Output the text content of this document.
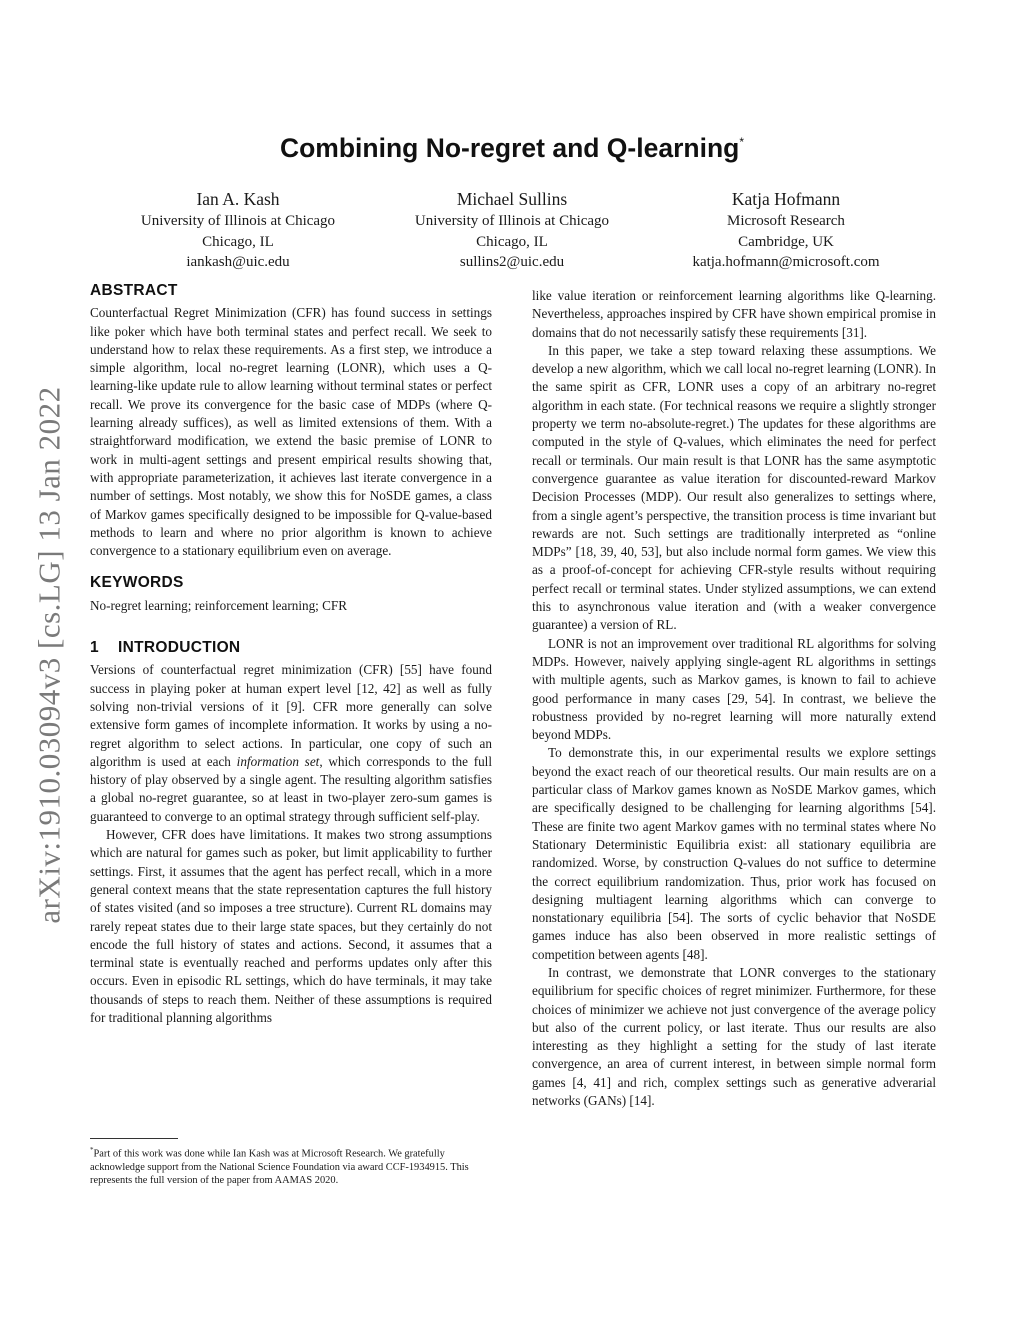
arXiv:1910.03094v3 [cs.LG] 13 Jan 2022
Combining No-regret and Q-learning*
Ian A. Kash
University of Illinois at Chicago
Chicago, IL
iankash@uic.edu
Michael Sullins
University of Illinois at Chicago
Chicago, IL
sullins2@uic.edu
Katja Hofmann
Microsoft Research
Cambridge, UK
katja.hofmann@microsoft.com
ABSTRACT

Counterfactual Regret Minimization (CFR) has found success in settings like poker which have both terminal states and perfect recall. We seek to understand how to relax these requirements. As a first step, we introduce a simple algorithm, local no-regret learning (LONR), which uses a Q-learning-like update rule to allow learning without terminal states or perfect recall. We prove its convergence for the basic case of MDPs (where Q-learning already suffices), as well as limited extensions of them. With a straightforward modification, we extend the basic premise of LONR to work in multi-agent settings and present empirical results showing that, with appropriate parameterization, it achieves last iterate convergence in a number of settings. Most notably, we show this for NoSDE games, a class of Markov games specifically designed to be impossible for Q-value-based methods to learn and where no prior algorithm is known to achieve convergence to a stationary equilibrium even on average.

KEYWORDS

No-regret learning; reinforcement learning; CFR

1 INTRODUCTION

Versions of counterfactual regret minimization (CFR) [55] have found success in playing poker at human expert level [12, 42] as well as fully solving non-trivial versions of it [9]. CFR more generally can solve extensive form games of incomplete information. It works by using a no-regret algorithm to select actions. In particular, one copy of such an algorithm is used at each information set, which corresponds to the full history of play observed by a single agent. The resulting algorithm satisfies a global no-regret guarantee, so at least in two-player zero-sum games is guaranteed to converge to an optimal strategy through sufficient self-play.

However, CFR does have limitations. It makes two strong assumptions which are natural for games such as poker, but limit applicability to further settings. First, it assumes that the agent has perfect recall, which in a more general context means that the state representation captures the full history of states visited (and so imposes a tree structure). Current RL domains may rarely repeat states due to their large state spaces, but they certainly do not encode the full history of states and actions. Second, it assumes that a terminal state is eventually reached and performs updates only after this occurs. Even in episodic RL settings, which do have terminals, it may take thousands of steps to reach them. Neither of these assumptions is required for traditional planning algorithms

like value iteration or reinforcement learning algorithms like Q-learning. Nevertheless, approaches inspired by CFR have shown empirical promise in domains that do not necessarily satisfy these requirements [31].

In this paper, we take a step toward relaxing these assumptions. We develop a new algorithm, which we call local no-regret learning (LONR). In the same spirit as CFR, LONR uses a copy of an arbitrary no-regret algorithm in each state. (For technical reasons we require a slightly stronger property we term no-absolute-regret.) The updates for these algorithms are computed in the style of Q-values, which eliminates the need for perfect recall or terminals. Our main result is that LONR has the same asymptotic convergence guarantee as value iteration for discounted-reward Markov Decision Processes (MDP). Our result also generalizes to settings where, from a single agent’s perspective, the transition process is time invariant but rewards are not. Such settings are traditionally interpreted as “online MDPs” [18, 39, 40, 53], but also include normal form games. We view this as a proof-of-concept for achieving CFR-style results without requiring perfect recall or terminal states. Under stylized assumptions, we can extend this to asynchronous value iteration and (with a weaker convergence guarantee) a version of RL.

LONR is not an improvement over traditional RL algorithms for solving MDPs. However, naively applying single-agent RL algorithms in settings with multiple agents, such as Markov games, is known to fail to achieve good performance in many cases [29, 54]. In contrast, we believe the robustness provided by no-regret learning will more naturally extend beyond MDPs.

To demonstrate this, in our experimental results we explore settings beyond the exact reach of our theoretical results. Our main results are on a particular class of Markov games known as NoSDE Markov games, which are specifically designed to be challenging for learning algorithms [54]. These are finite two agent Markov games with no terminal states where No Stationary Deterministic Equilibria exist: all stationary equilibria are randomized. Worse, by construction Q-values do not suffice to determine the correct equilibrium randomization. Thus, prior work has focused on designing multiagent learning algorithms which can converge to nonstationary equilibria [54]. The sorts of cyclic behavior that NoSDE games induce has also been observed in more realistic settings of competition between agents [48].

In contrast, we demonstrate that LONR converges to the stationary equilibrium for specific choices of regret minimizer. Furthermore, for these choices of minimizer we achieve not just convergence of the average policy but also of the current policy, or last iterate. Thus our results are also interesting as they highlight a setting for the study of last iterate convergence, an area of current interest, in between simple normal form games [4, 41] and rich, complex settings such as generative adverarial networks (GANs) [14].

*Part of this work was done while Ian Kash was at Microsoft Research. We gratefully acknowledge support from the National Science Foundation via award CCF-1934915. This represents the full version of the paper from AAMAS 2020.
